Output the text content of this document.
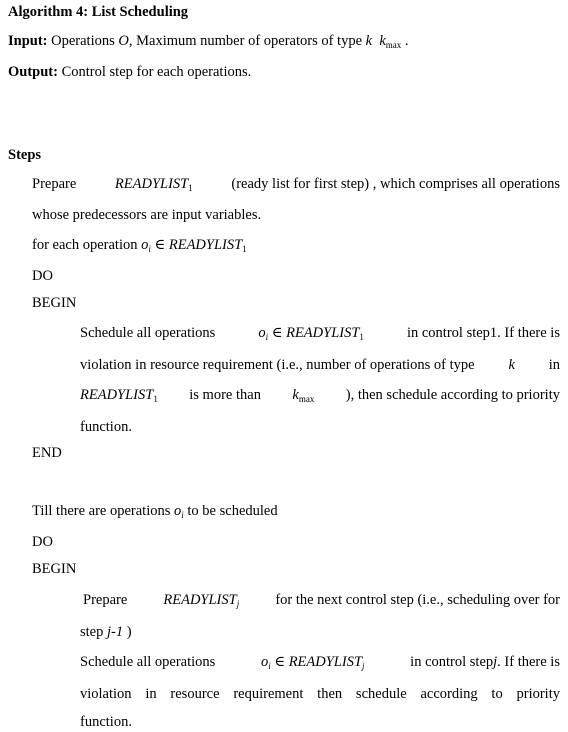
Algorithm 4: List Scheduling
Input: Operations O, Maximum number of operators of type k $k_{max}$ .
Output: Control step for each operations.
Steps
Prepare	$READYLIST_1$	(ready list for first step) , which comprises all operations
whose predecessors are input variables.
for each operation $o_i$ ∈ $READYLIST_1$
DO
BEGIN
Schedule all operations	$o_i$ ∈ $READYLIST_1$	in control step1. If there is
violation in resource requirement (i.e., number of operations of type k in
$READYLIST_1$ is more than $k_{max}$ ), then schedule according to priority
function.
END
Till there are operations $o_i$ to be scheduled
DO
BEGIN
Prepare $READYLIST_j$ for the next control step (i.e., scheduling over for
step j-1 )
Schedule all operations	$o_i$ ∈ $READYLIST_j$	in control stepj. If there is
violation in resource requirement then schedule according to priority
function.
